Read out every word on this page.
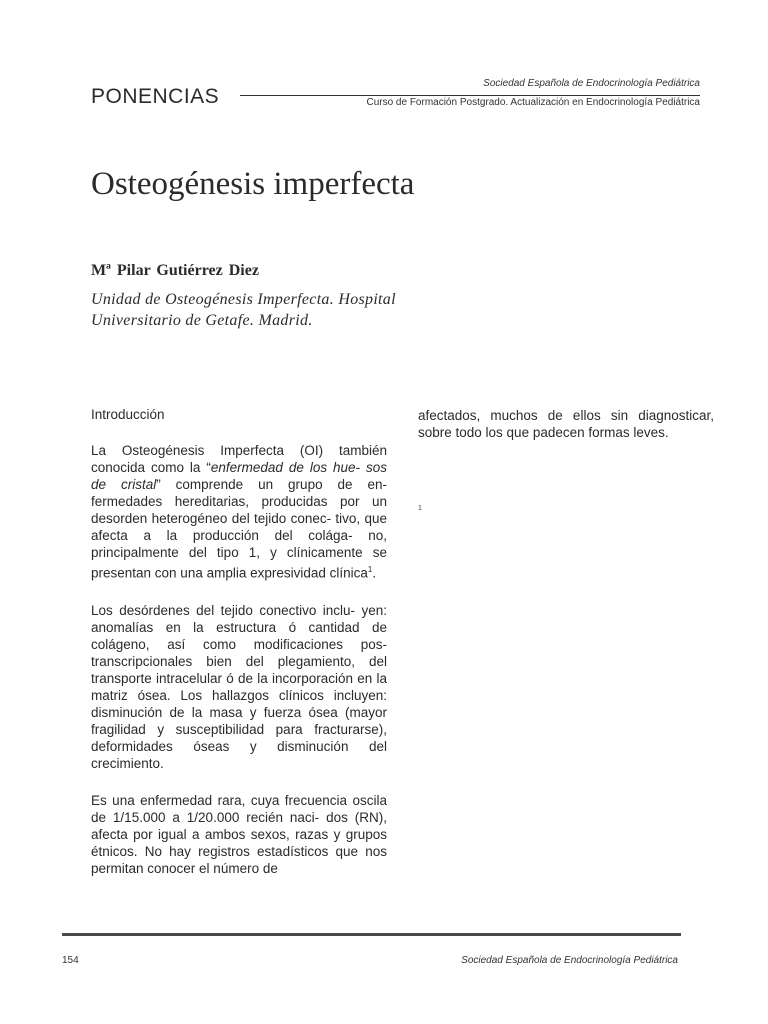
PONENCIAS
Sociedad Española de Endocrinología Pediátrica
Curso de Formación Postgrado. Actualización en Endocrinología Pediátrica
Osteogénesis imperfecta
Mª Pilar Gutiérrez Diez
Unidad de Osteogénesis Imperfecta. Hospital Universitario de Getafe. Madrid.
Introducción

La Osteogénesis Imperfecta (OI) también conocida como la “enfermedad de los hue- sos de cristal” comprende un grupo de en- fermedades hereditarias, producidas por un desorden heterogéneo del tejido conec- tivo, que afecta a la producción del colága- no, principalmente del tipo 1, y clínicamente se presentan con una amplia expresividad clínica$^1$.

Los desórdenes del tejido conectivo inclu- yen: anomalías en la estructura ó cantidad de colágeno, así como modificaciones pos- transcripcionales bien del plegamiento, del transporte intracelular ó de la incorporación en la matriz ósea. Los hallazgos clínicos incluyen: disminución de la masa y fuerza ósea (mayor fragilidad y susceptibilidad para fracturarse), deformidades óseas y disminución del crecimiento.

Es una enfermedad rara, cuya frecuencia oscila de 1/15.000 a 1/20.000 recién naci- dos (RN), afecta por igual a ambos sexos, razas y grupos étnicos. No hay registros estadísticos que nos permitan conocer el número de

afectados, muchos de ellos sin diagnosticar, sobre todo los que padecen formas leves.

1
154	Sociedad Española de Endocrinología Pediátrica
